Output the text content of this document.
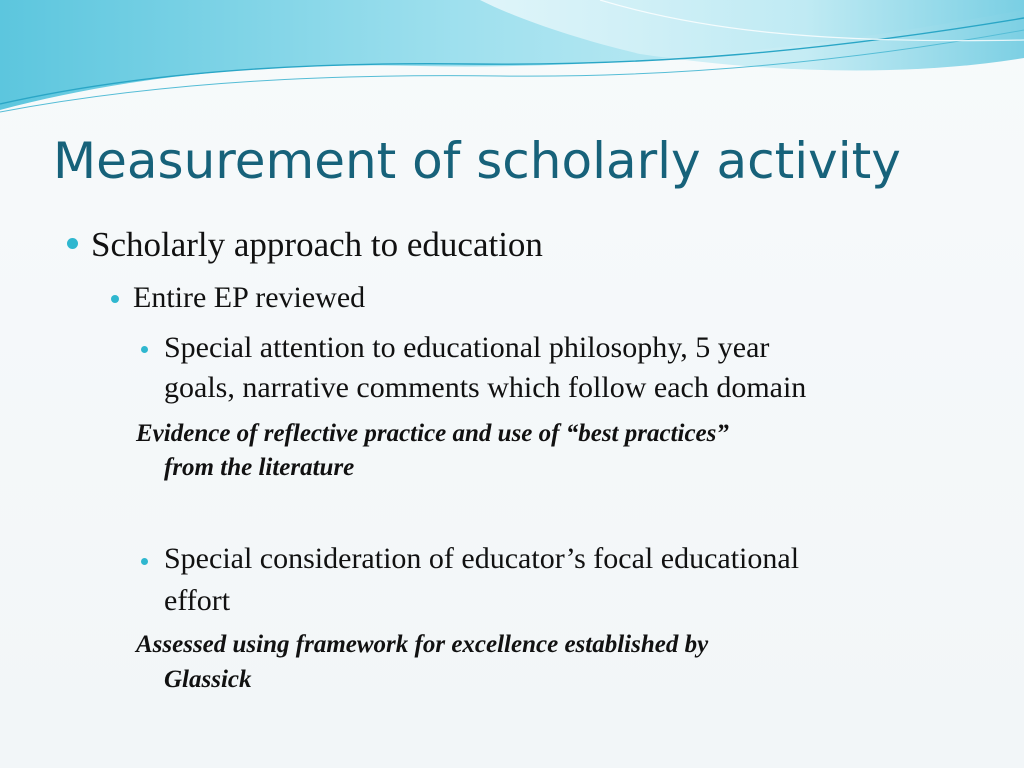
Measurement of scholarly activity
Scholarly approach to education
Entire EP reviewed
Special attention to educational philosophy, 5 year
goals, narrative comments which follow each domain
Evidence of reflective practice and use of “best practices”
from the literature
Special consideration of educator’s focal educational
effort
Assessed using framework for excellence established by
Glassick
